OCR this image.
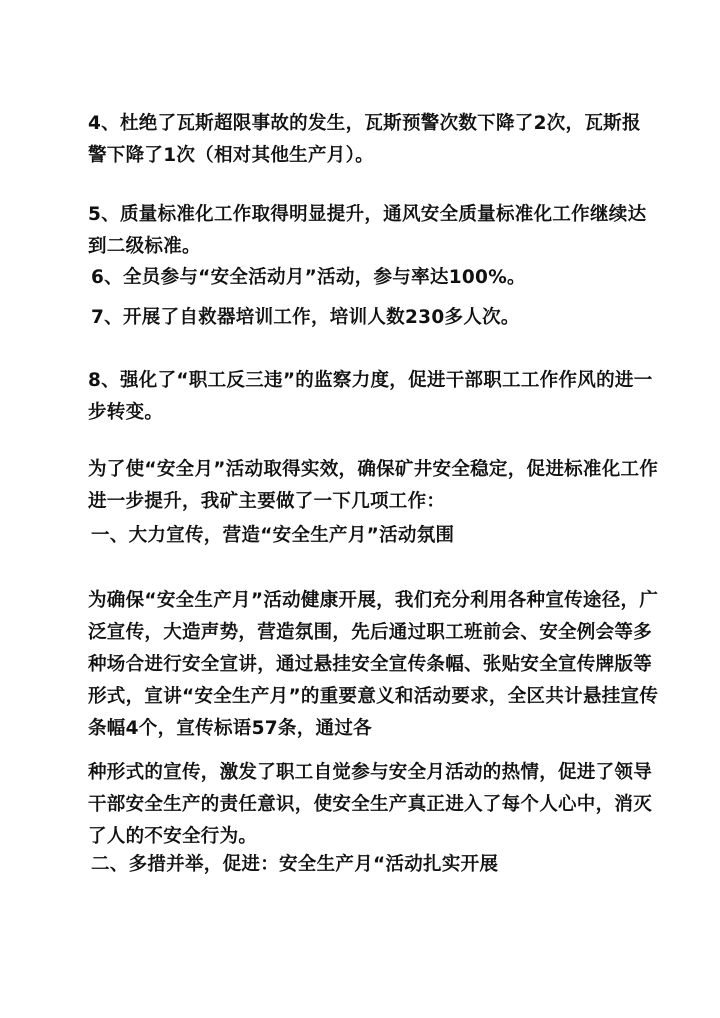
4、杜绝了瓦斯超限事故的发生，瓦斯预警次数下降了2次，瓦斯报
警下降了1次（相对其他生产月）。

5、质量标准化工作取得明显提升，通风安全质量标准化工作继续达
到二级标准。

6、全员参与“安全活动月”活动，参与率达100%。

7、开展了自救器培训工作，培训人数230多人次。

8、强化了“职工反三违”的监察力度，促进干部职工工作作风的进一
步转变。

为了使“安全月”活动取得实效，确保矿井安全稳定，促进标准化工作
进一步提升，我矿主要做了一下几项工作：

一、大力宣传，营造“安全生产月”活动氛围

为确保“安全生产月”活动健康开展，我们充分利用各种宣传途径，广
泛宣传，大造声势，营造氛围，先后通过职工班前会、安全例会等多
种场合进行安全宣讲，通过悬挂安全宣传条幅、张贴安全宣传牌版等
形式，宣讲“安全生产月”的重要意义和活动要求，全区共计悬挂宣传
条幅4个，宣传标语57条，通过各

种形式的宣传，激发了职工自觉参与安全月活动的热情，促进了领导
干部安全生产的责任意识，使安全生产真正进入了每个人心中，消灭
了人的不安全行为。

二、多措并举，促进：安全生产月“活动扎实开展
